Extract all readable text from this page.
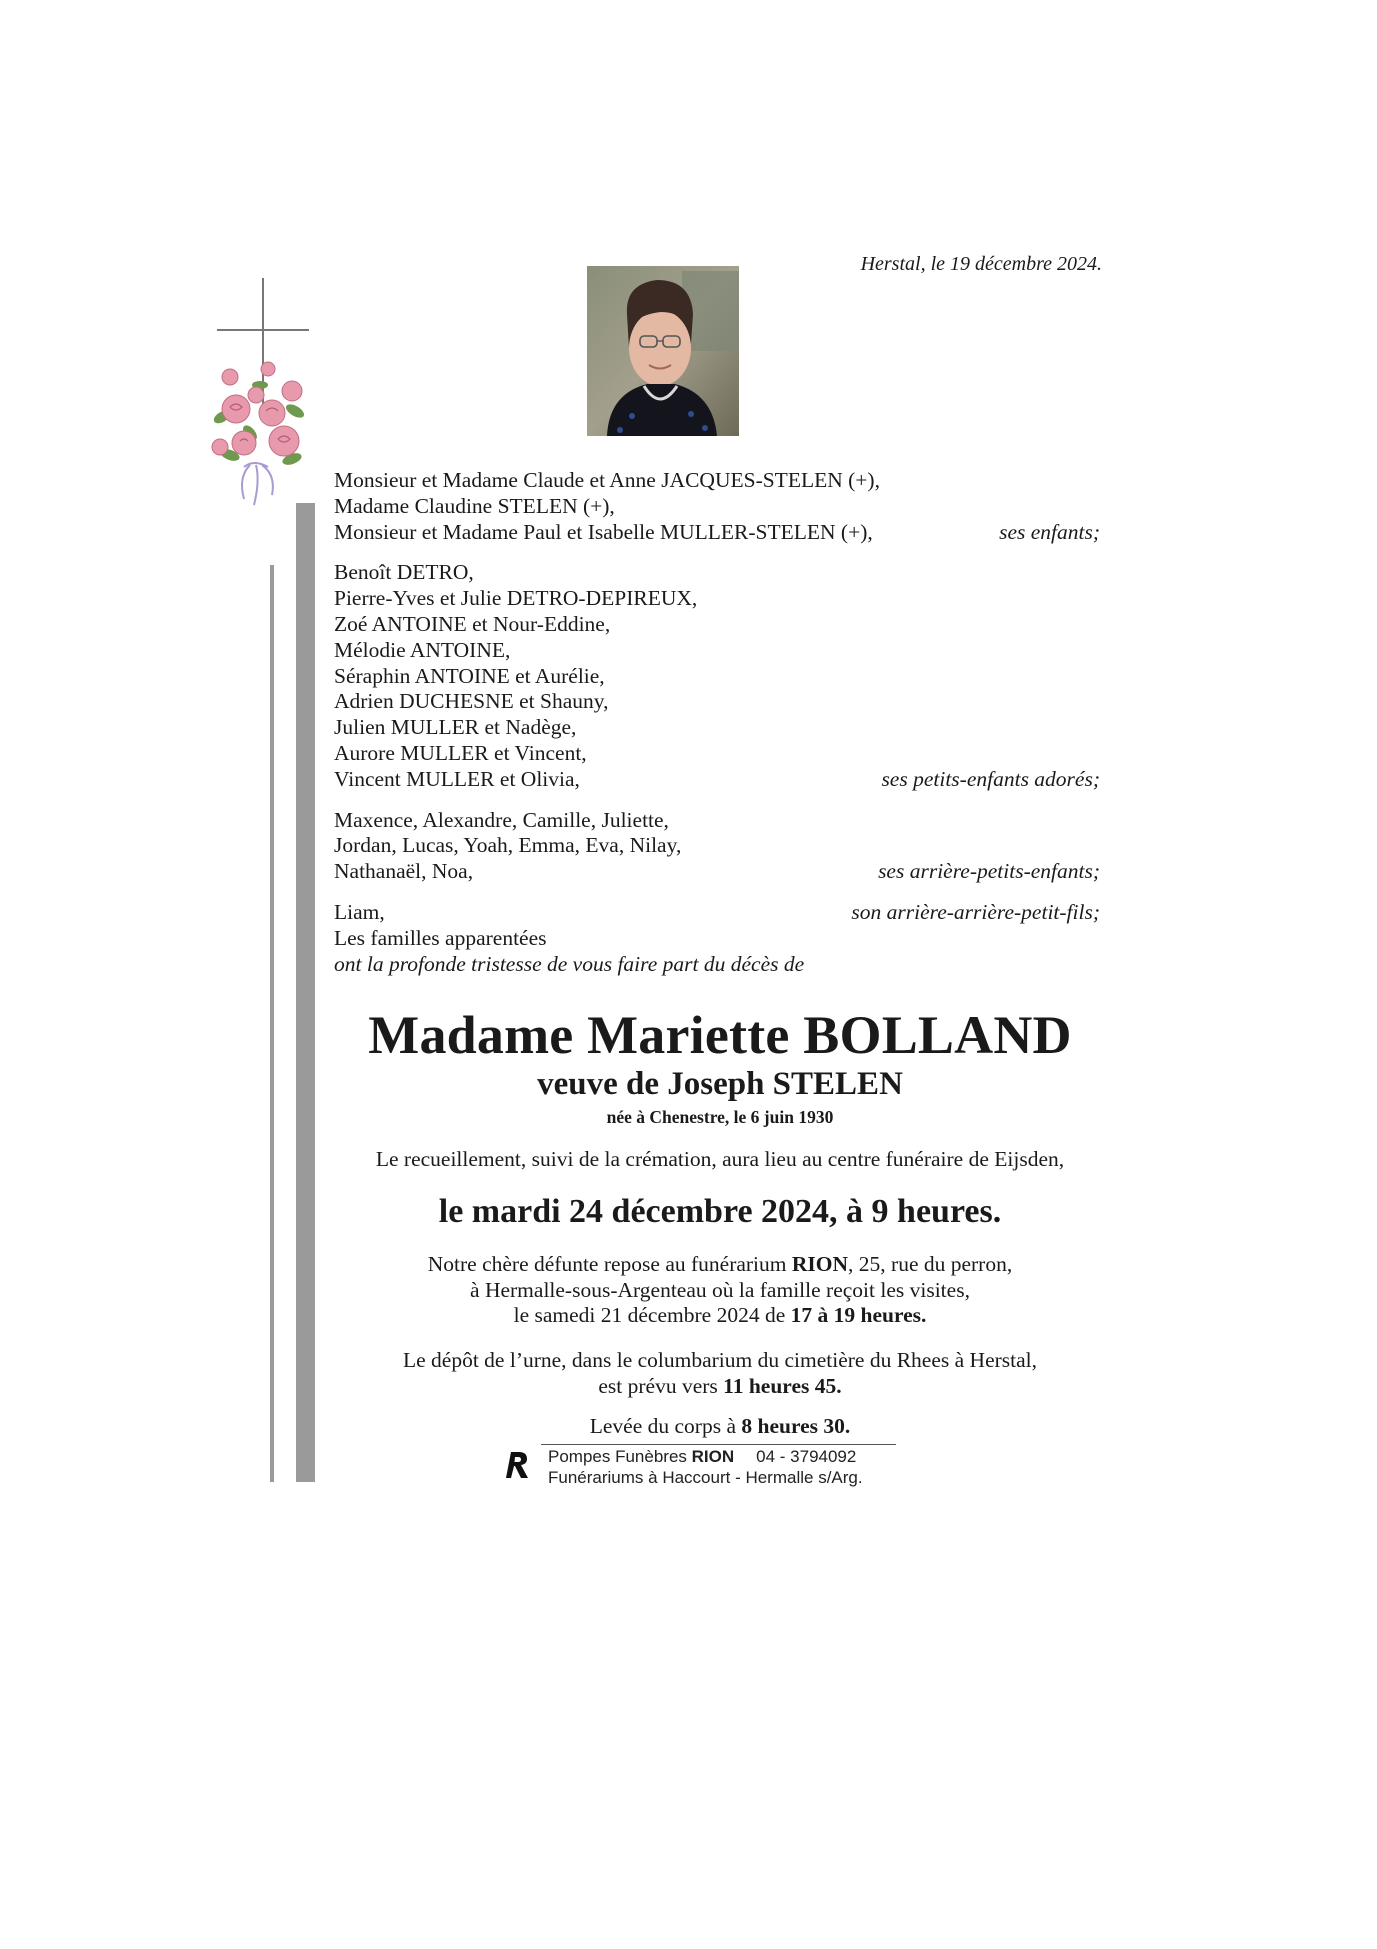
Herstal, le 19 décembre 2024.
Monsieur et Madame Claude et Anne JACQUES-STELEN (+),
Madame Claudine STELEN (+),
Monsieur et Madame Paul et Isabelle MULLER-STELEN (+),	ses enfants;
Benoît DETRO,
Pierre-Yves et Julie DETRO-DEPIREUX,
Zoé ANTOINE et Nour-Eddine,
Mélodie ANTOINE,
Séraphin ANTOINE et Aurélie,
Adrien DUCHESNE et Shauny,
Julien MULLER et Nadège,
Aurore MULLER et Vincent,
Vincent MULLER et Olivia,	ses petits-enfants adorés;
Maxence, Alexandre, Camille, Juliette,
Jordan, Lucas, Yoah, Emma, Eva, Nilay,
Nathanaël, Noa,	ses arrière-petits-enfants;
Liam,	son arrière-arrière-petit-fils;
Les familles apparentées
ont la profonde tristesse de vous faire part du décès de
Madame Mariette BOLLAND
veuve de Joseph STELEN
née à Chenestre, le 6 juin 1930
Le recueillement, suivi de la crémation, aura lieu au centre funéraire de Eijsden,
le mardi 24 décembre 2024, à 9 heures.
Notre chère défunte repose au funérarium RION, 25, rue du perron,
à Hermalle-sous-Argenteau où la famille reçoit les visites,
le samedi 21 décembre 2024 de 17 à 19 heures.
Le dépôt de l’urne, dans le columbarium du cimetière du Rhees à Herstal,
est prévu vers 11 heures 45.
Levée du corps à 8 heures 30.
Pompes Funèbres RION 04 - 3794092
Funérariums à Haccourt - Hermalle s/Arg.
